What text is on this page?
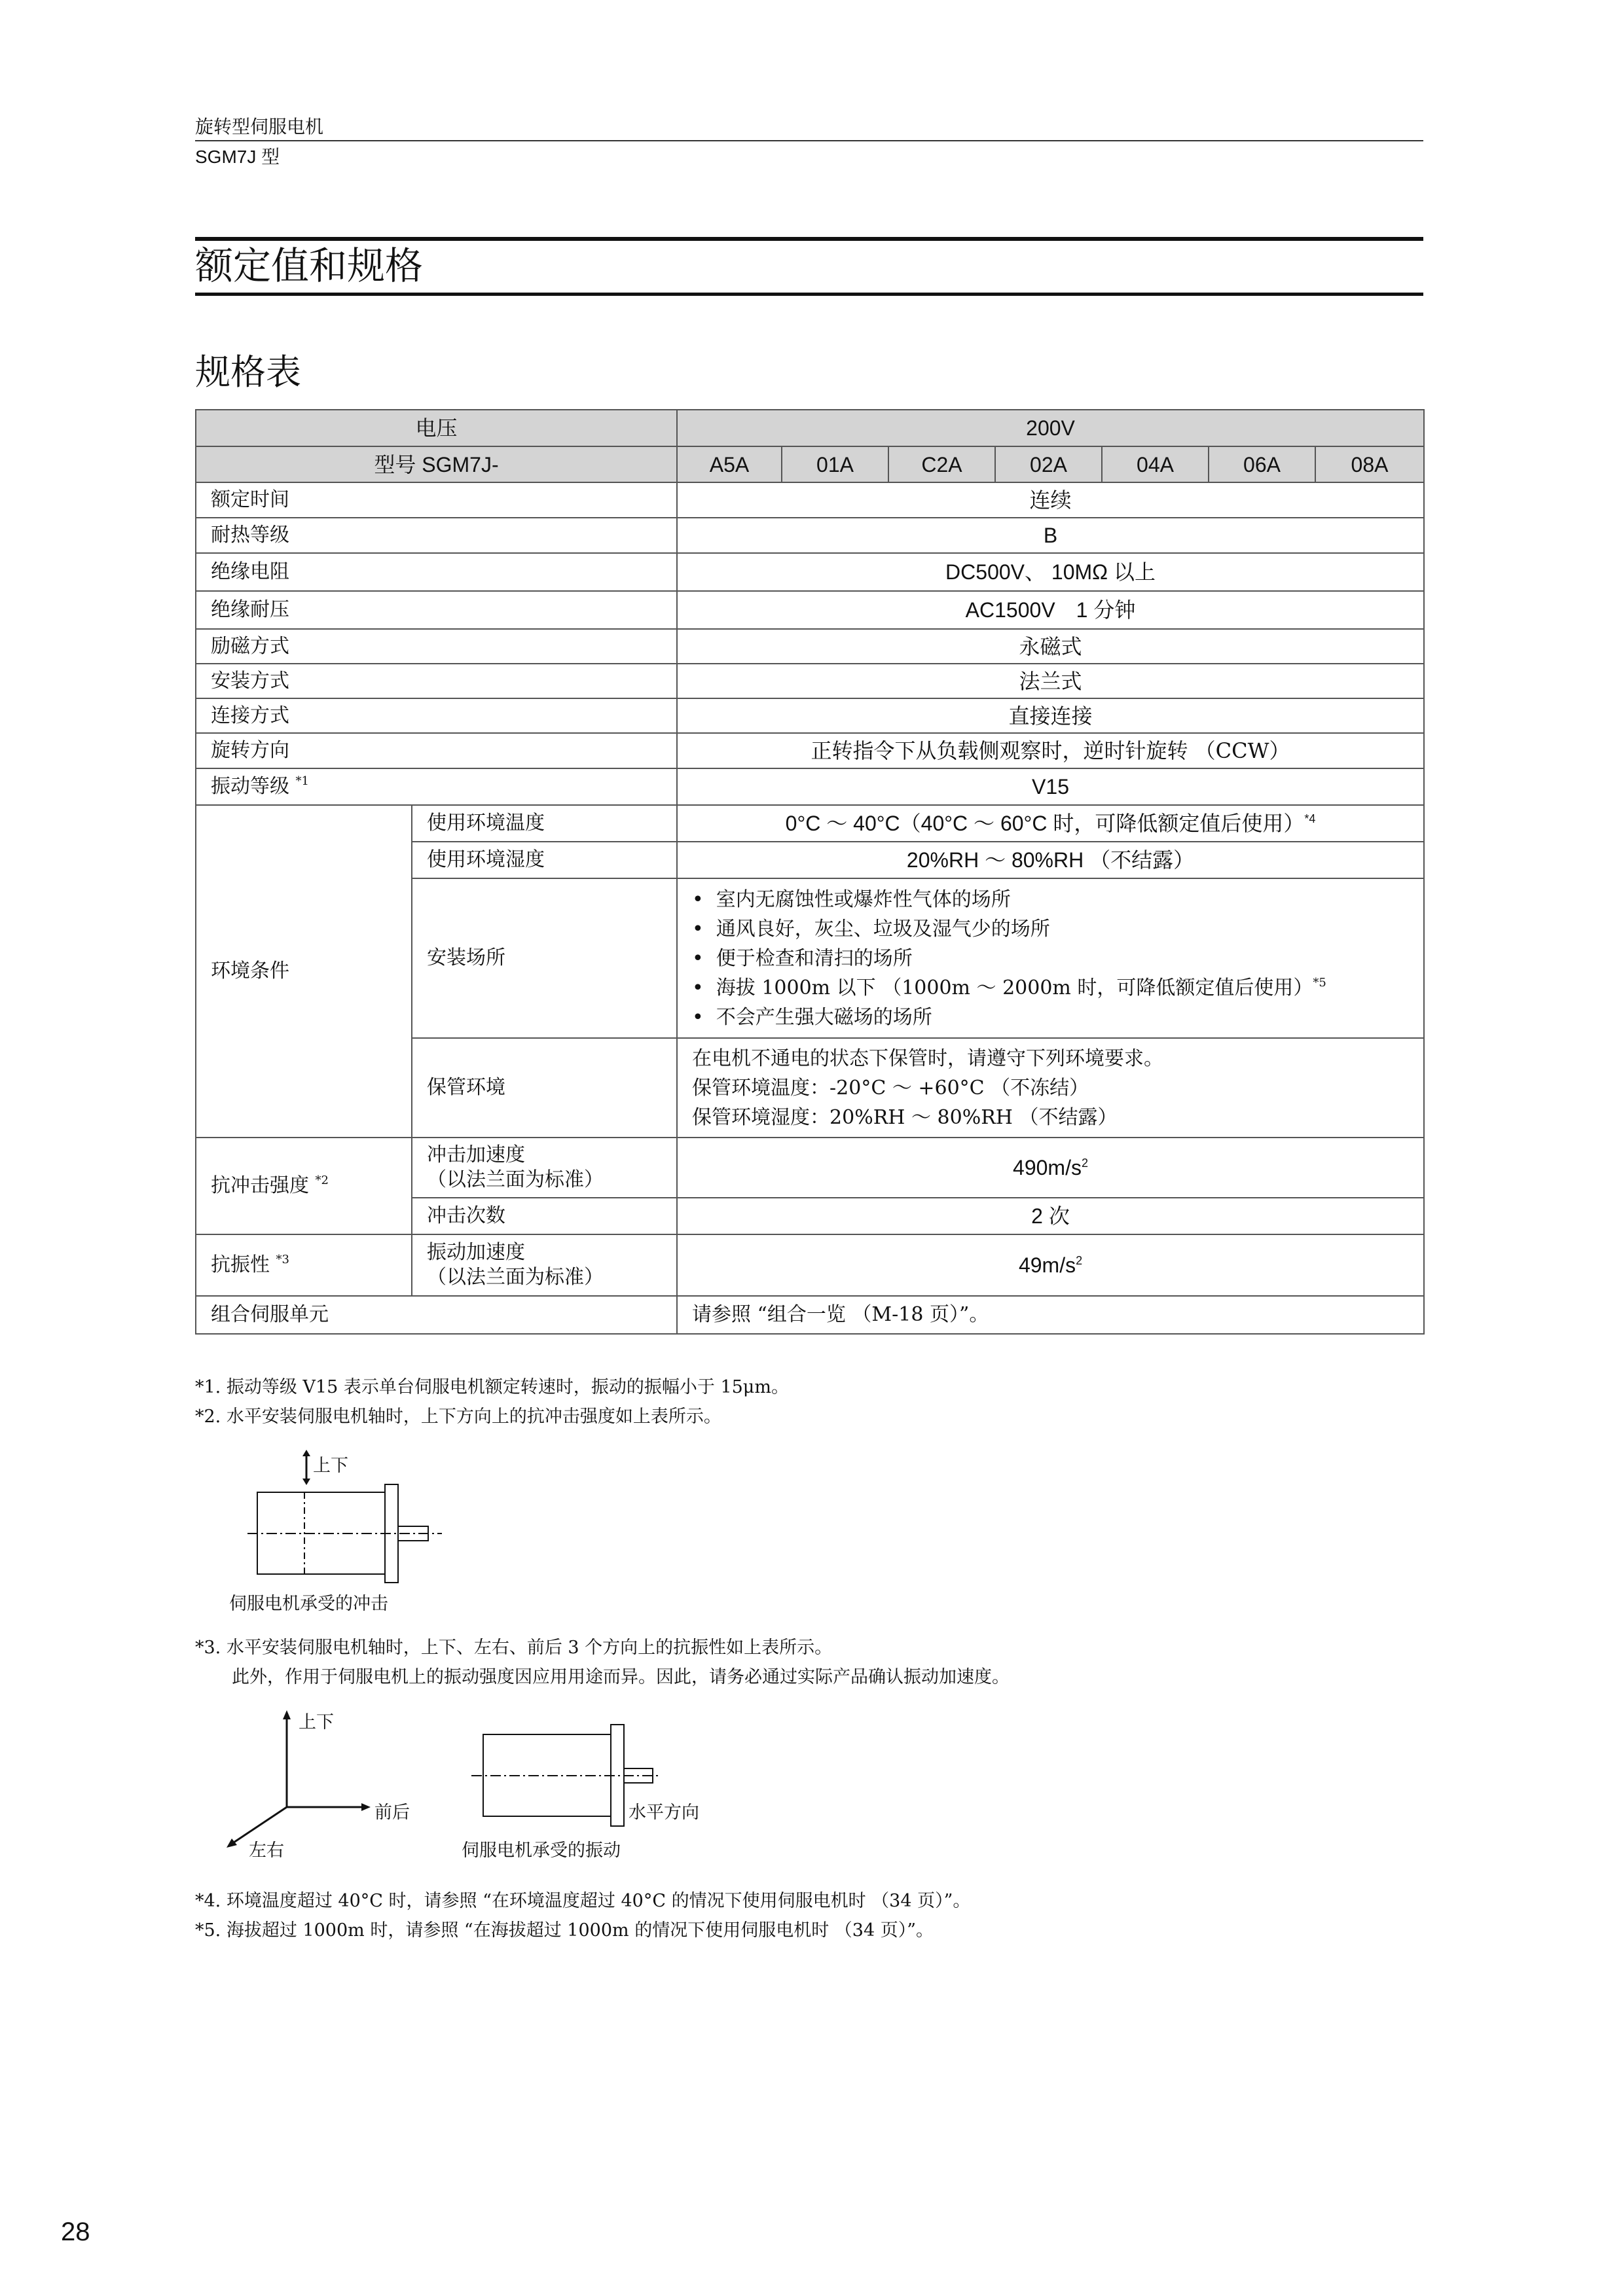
旋转型伺服电机
SGM7J 型
额定值和规格
规格表
电压		200V						
型号 SGM7J-		A5A	01A	C2A	02A	04A	06A	08A
额定时间		连续						
耐热等级		B						
绝缘电阻		DC500V、 10MΩ 以上						
绝缘耐压		AC1500V　1 分钟						
励磁方式		永磁式						
安装方式		法兰式						
连接方式		直接连接						
旋转方向		正转指令下从负载侧观察时，逆时针旋转 （CCW）						
振动等级 $^{*1}$		V15						
环境条件	使用环境温度	0°C ～ 40°C（40°C ～ 60°C 时，可降低额定值后使用）$^{*4}$
	使用环境湿度	20%RH ～ 80%RH （不结露）						
	安装场所	•  室内无腐蚀性或爆炸性气体的场所
•  通风良好，灰尘、垃圾及湿气少的场所
•  便于检查和清扫的场所
•  海拔 1000m 以下 （1000m ～ 2000m 时，可降低额定值后使用）$^{*5}$
•  不会产生强大磁场的场所

	保管环境	在电机不通电的状态下保管时，请遵守下列环境要求。
保管环境温度：-20°C ～ +60°C （不冻结）
保管环境湿度：20%RH ～ 80%RH （不结露）						

抗冲击强度 $^{*2}$	冲击加速度
（以法兰面为标准）	$490m/s^2$
	冲击次数	2 次						
抗振性 $^{*3}$	振动加速度
（以法兰面为标准）	$49m/s^2$
组合伺服单元		请参照 “组合一览 （M-18 页）”。						
*1. 振动等级 V15 表示单台伺服电机额定转速时，振动的振幅小于 15μm。
*2. 水平安装伺服电机轴时，上下方向上的抗冲击强度如上表所示。
上下
伺服电机承受的冲击
*3. 水平安装伺服电机轴时，上下、左右、前后 3 个方向上的抗振性如上表所示。
此外，作用于伺服电机上的振动强度因应用用途而异。因此，请务必通过实际产品确认振动加速度。
上下
前后
左右
水平方向
伺服电机承受的振动
*4. 环境温度超过 40°C 时，请参照 “在环境温度超过 40°C 的情况下使用伺服电机时 （34 页）”。
*5. 海拔超过 1000m 时，请参照 “在海拔超过 1000m 的情况下使用伺服电机时 （34 页）”。
28
